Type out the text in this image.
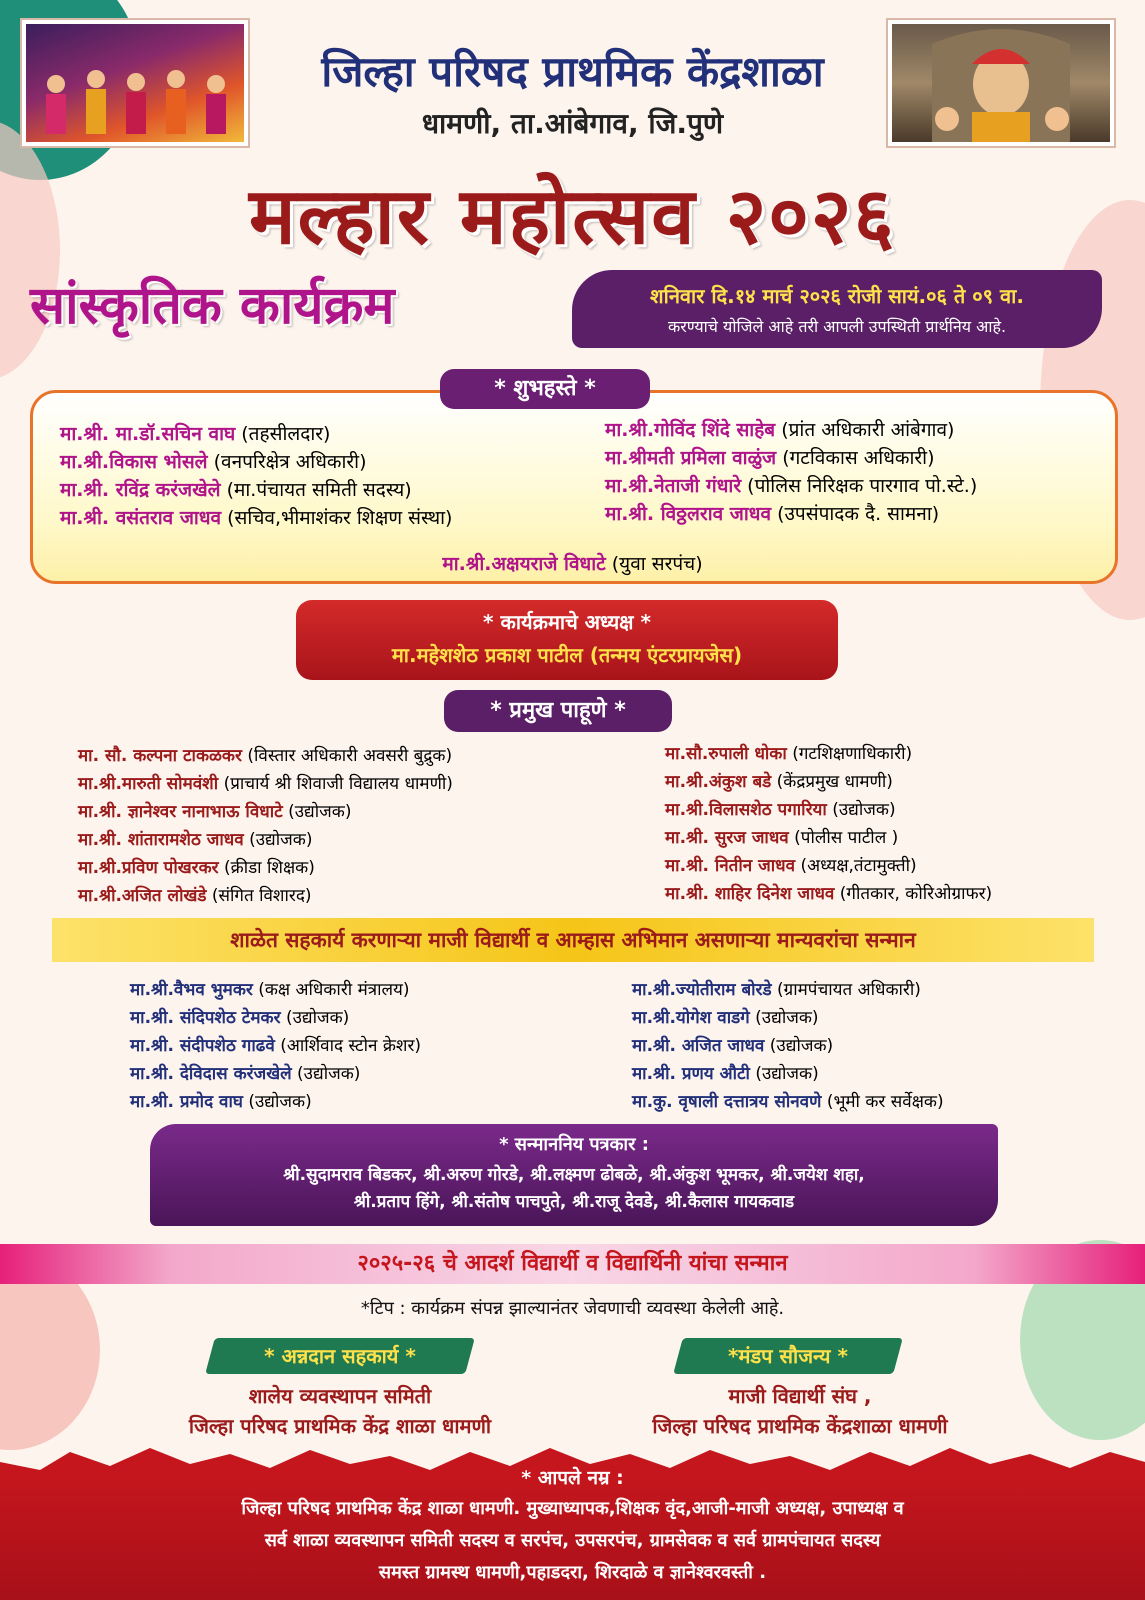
जिल्हा परिषद प्राथमिक केंद्रशाळा
धामणी, ता.आंबेगाव, जि.पुणे
मल्हार महोत्सव २०२६
सांस्कृतिक कार्यक्रम	शनिवार दि.१४ मार्च २०२६ रोजी सायं.०६ ते ०९ वा.
करण्याचे योजिले आहे तरी आपली उपस्थिती प्रार्थनिय आहे.
* शुभहस्ते *
मा.श्री. मा.डॉ.सचिन वाघ (तहसीलदार)
मा.श्री.विकास भोसले (वनपरिक्षेत्र अधिकारी)
मा.श्री. रविंद्र करंजखेले (मा.पंचायत समिती सदस्य)
मा.श्री. वसंतराव जाधव (सचिव,भीमाशंकर शिक्षण संस्था)
मा.श्री.गोविंद शिंदे साहेब (प्रांत अधिकारी आंबेगाव)
मा.श्रीमती प्रमिला वाळुंज (गटविकास अधिकारी)
मा.श्री.नेताजी गंधारे (पोलिस निरिक्षक पारगाव पो.स्टे.)
मा.श्री. विठ्ठलराव जाधव (उपसंपादक दै. सामना)
मा.श्री.अक्षयराजे विधाटे (युवा सरपंच)
* कार्यक्रमाचे अध्यक्ष *
मा.महेशशेठ प्रकाश पाटील (तन्मय एंटरप्रायजेस)
* प्रमुख पाहूणे *
मा. सौ. कल्पना टाकळकर (विस्तार अधिकारी अवसरी बुद्रुक)
मा.श्री.मारुती सोमवंशी (प्राचार्य श्री शिवाजी विद्यालय धामणी)
मा.श्री. ज्ञानेश्वर नानाभाऊ विधाटे (उद्योजक)
मा.श्री. शांतारामशेठ जाधव (उद्योजक)
मा.श्री.प्रविण पोखरकर (क्रीडा शिक्षक)
मा.श्री.अजित लोखंडे (संगित विशारद)
मा.सौ.रुपाली धोका (गटशिक्षणाधिकारी)
मा.श्री.अंकुश बडे (केंद्रप्रमुख धामणी)
मा.श्री.विलासशेठ पगारिया (उद्योजक)
मा.श्री. सुरज जाधव (पोलीस पाटील )
मा.श्री. नितीन जाधव (अध्यक्ष,तंटामुक्ती)
मा.श्री. शाहिर दिनेश जाधव (गीतकार, कोरिओग्राफर)
शाळेत सहकार्य करणाऱ्या माजी विद्यार्थी व आम्हास अभिमान असणाऱ्या मान्यवरांचा सन्मान
मा.श्री.वैभव भुमकर (कक्ष अधिकारी मंत्रालय)
मा.श्री. संदिपशेठ टेमकर (उद्योजक)
मा.श्री. संदीपशेठ गाढवे (आर्शिवाद स्टोन क्रेशर)
मा.श्री. देविदास करंजखेले (उद्योजक)
मा.श्री. प्रमोद वाघ (उद्योजक)
मा.श्री.ज्योतीराम बोरडे (ग्रामपंचायत अधिकारी)
मा.श्री.योगेश वाडगे (उद्योजक)
मा.श्री. अजित जाधव (उद्योजक)
मा.श्री. प्रणय औटी (उद्योजक)
मा.कु. वृषाली दत्तात्रय सोनवणे (भूमी कर सर्वेक्षक)
* सन्माननिय पत्रकार :
श्री.सुदामराव बिडकर, श्री.अरुण गोरडे, श्री.लक्ष्मण ढोबळे, श्री.अंकुश भूमकर, श्री.जयेश शहा,
श्री.प्रताप हिंगे, श्री.संतोष पाचपुते, श्री.राजू देवडे, श्री.कैलास गायकवाड
२०२५-२६ चे आदर्श विद्यार्थी व विद्यार्थिनी यांचा सन्मान
*टिप : कार्यक्रम संपन्न झाल्यानंतर जेवणाची व्यवस्था केलेली आहे.
* अन्नदान सहकार्य *
शालेय व्यवस्थापन समिती
जिल्हा परिषद प्राथमिक केंद्र शाळा धामणी
*मंडप सौजन्य *
माजी विद्यार्थी संघ ,
जिल्हा परिषद प्राथमिक केंद्रशाळा धामणी
* आपले नम्र :
जिल्हा परिषद प्राथमिक केंद्र शाळा धामणी. मुख्याध्यापक,शिक्षक वृंद,आजी-माजी अध्यक्ष, उपाध्यक्ष व
सर्व शाळा व्यवस्थापन समिती सदस्य व सरपंच, उपसरपंच, ग्रामसेवक व सर्व ग्रामपंचायत सदस्य
समस्त ग्रामस्थ धामणी,पहाडदरा, शिरदाळे व ज्ञानेश्वरवस्ती .
